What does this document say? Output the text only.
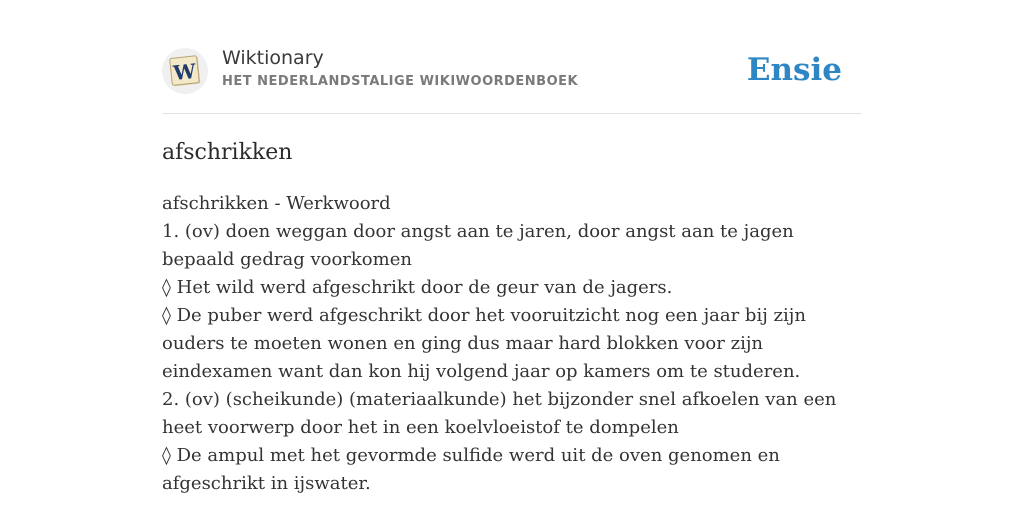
W
Wiktionary
HET NEDERLANDSTALIGE WIKIWOORDENBOEK	Ensie
afschrikken
afschrikken - Werkwoord
1. (ov) doen weggan door angst aan te jaren, door angst aan te jagen bepaald gedrag voorkomen
◊ Het wild werd afgeschrikt door de geur van de jagers.
◊ De puber werd afgeschrikt door het vooruitzicht nog een jaar bij zijn ouders te moeten wonen en ging dus maar hard blokken voor zijn eindexamen want dan kon hij volgend jaar op kamers om te studeren.
2. (ov) (scheikunde) (materiaalkunde) het bijzonder snel afkoelen van een heet voorwerp door het in een koelvloeistof te dompelen
◊ De ampul met het gevormde sulfide werd uit de oven genomen en afgeschrikt in ijswater.
